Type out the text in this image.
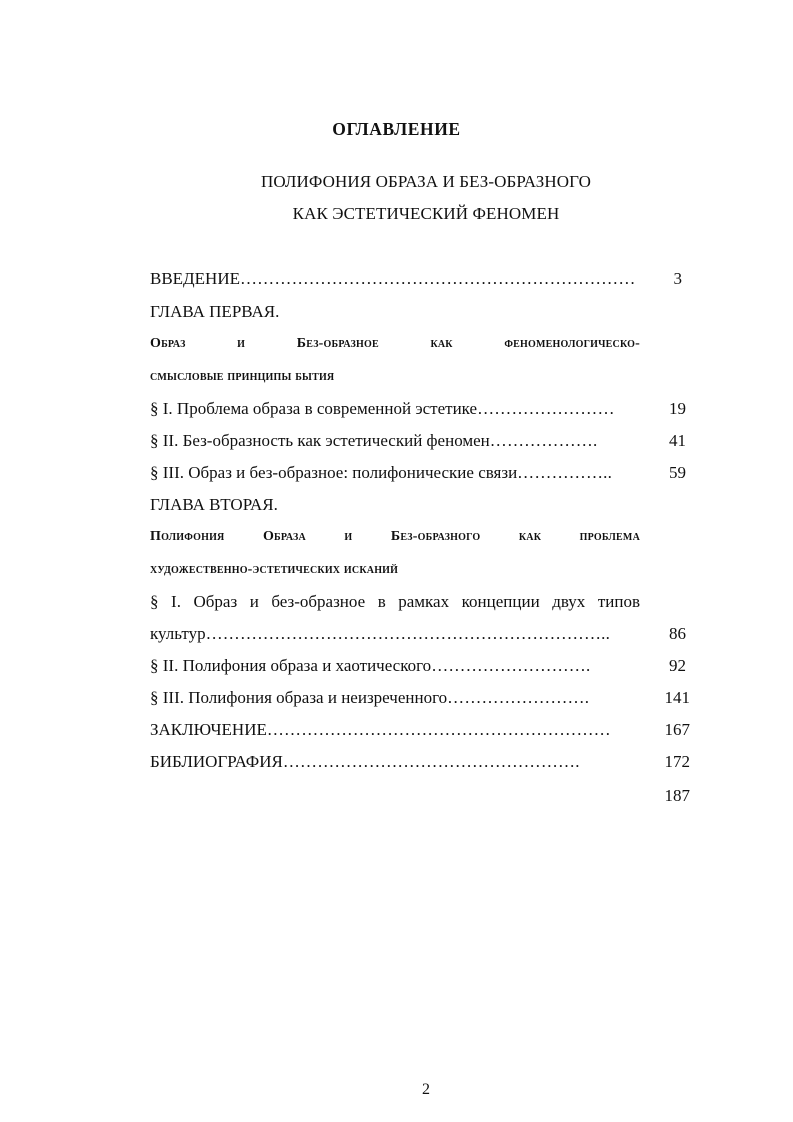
ОГЛАВЛЕНИЕ
ПОЛИФОНИЯ ОБРАЗА И БЕЗ-ОБРАЗНОГО
КАК ЭСТЕТИЧЕСКИЙ ФЕНОМЕН
ВВЕДЕНИЕ……………………………………………………………	3
ГЛАВА ПЕРВАЯ.
Образ и Без-образное как феноменологическо-
смысловые принципы бытия
§ I. Проблема образа в современной эстетике……………………	19
§ II. Без-образность как эстетический феномен……………….	41
§ III. Образ и без-образное: полифонические связи……………..	59
ГЛАВА ВТОРАЯ.
Полифония Образа и Без-образного как проблема
художественно-эстетических исканий
§ I. Образ и без-образное в рамках концепции двух типов
культур……………………………………………………………..	86
§ II. Полифония образа и хаотического……………………….	92
§ III. Полифония образа и неизреченного…………………….	141
ЗАКЛЮЧЕНИЕ……………………………………………………	167
БИБЛИОГРАФИЯ…………………………………………….	172
187
2
